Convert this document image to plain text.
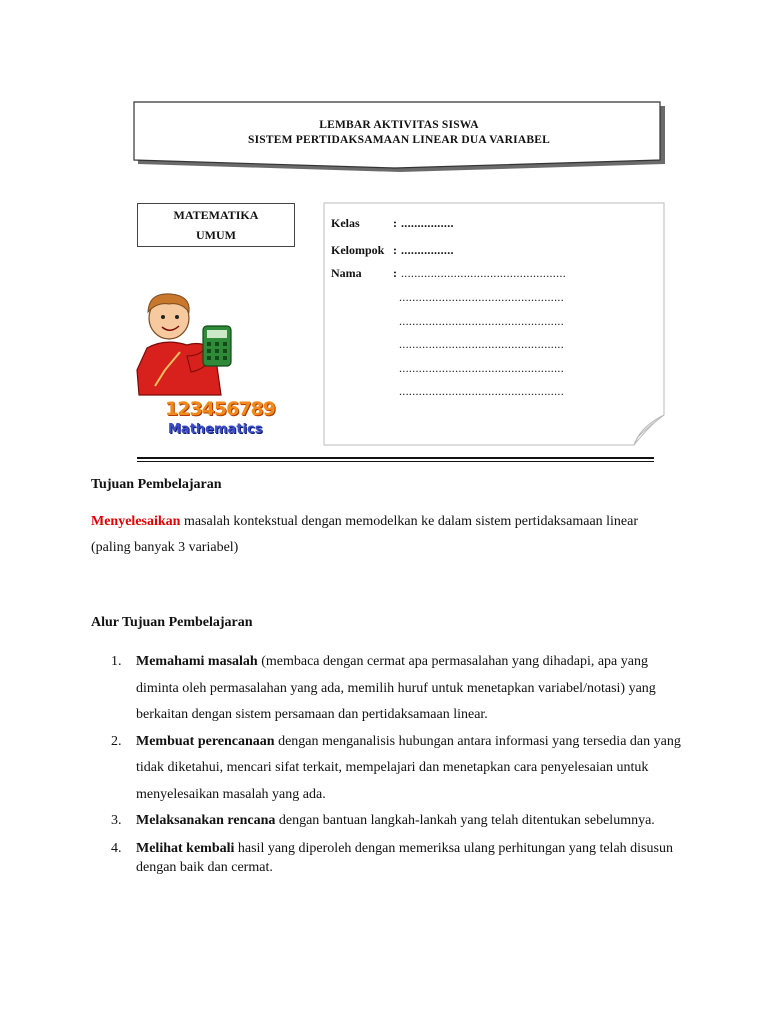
LEMBAR AKTIVITAS SISWA
SISTEM PERTIDAKSAMAAN LINEAR DUA VARIABEL
MATEMATIKA
UMUM
Kelas	: ................
Kelompok : ................
Nama	: ..................................................
..................................................
..................................................
..................................................
..................................................
..................................................
123456789
Mathematics
Tujuan Pembelajaran
Menyelesaikan masalah kontekstual dengan memodelkan ke dalam sistem pertidaksamaan linear (paling banyak 3 variabel)
Alur Tujuan Pembelajaran
1. Memahami masalah (membaca dengan cermat apa permasalahan yang dihadapi, apa yang diminta oleh permasalahan yang ada, memilih huruf untuk menetapkan variabel/notasi) yang berkaitan dengan sistem persamaan dan pertidaksamaan linear.
2. Membuat perencanaan dengan menganalisis hubungan antara informasi yang tersedia dan yang tidak diketahui, mencari sifat terkait, mempelajari dan menetapkan cara penyelesaian untuk menyelesaikan masalah yang ada.
3. Melaksanakan rencana dengan bantuan langkah-lankah yang telah ditentukan sebelumnya.
4. Melihat kembali hasil yang diperoleh dengan memeriksa ulang perhitungan yang telah disusun dengan baik dan cermat.
